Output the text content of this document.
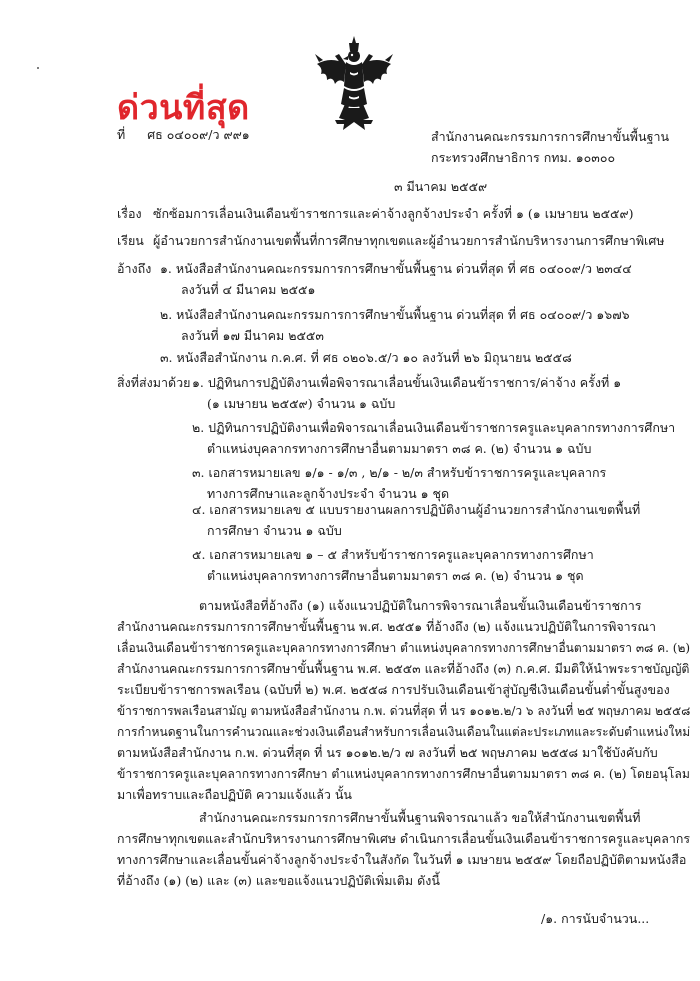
ด่วนที่สุด
ที่ ศธ ๐๔๐๐๙/ว ๙๙๑	สำนักงานคณะกรรมการการศึกษาขั้นพื้นฐาน
กระทรวงศึกษาธิการ กทม. ๑๐๓๐๐
๓ มีนาคม ๒๕๕๙
เรื่อง ซักซ้อมการเลื่อนเงินเดือนข้าราชการและค่าจ้างลูกจ้างประจำ ครั้งที่ ๑ (๑ เมษายน ๒๕๕๙)
เรียน ผู้อำนวยการสำนักงานเขตพื้นที่การศึกษาทุกเขตและผู้อำนวยการสำนักบริหารงานการศึกษาพิเศษ
อ้างถึง ๑. หนังสือสำนักงานคณะกรรมการการศึกษาขั้นพื้นฐาน ด่วนที่สุด ที่ ศธ ๐๔๐๐๙/ว ๒๓๔๔
ลงวันที่ ๔ มีนาคม ๒๕๕๑
๒. หนังสือสำนักงานคณะกรรมการการศึกษาขั้นพื้นฐาน ด่วนที่สุด ที่ ศธ ๐๔๐๐๙/ว ๑๖๗๖
ลงวันที่ ๑๗ มีนาคม ๒๕๕๓
๓. หนังสือสำนักงาน ก.ค.ศ. ที่ ศธ ๐๒๐๖.๕/ว ๑๐ ลงวันที่ ๒๖ มิถุนายน ๒๕๕๘
สิ่งที่ส่งมาด้วย ๑. ปฏิทินการปฏิบัติงานเพื่อพิจารณาเลื่อนขั้นเงินเดือนข้าราชการ/ค่าจ้าง ครั้งที่ ๑
(๑ เมษายน ๒๕๕๙) จำนวน ๑ ฉบับ
๒. ปฏิทินการปฏิบัติงานเพื่อพิจารณาเลื่อนเงินเดือนข้าราชการครูและบุคลากรทางการศึกษา
ตำแหน่งบุคลากรทางการศึกษาอื่นตามมาตรา ๓๘ ค. (๒) จำนวน ๑ ฉบับ
๓. เอกสารหมายเลข ๑/๑ - ๑/๓ , ๒/๑ - ๒/๓ สำหรับข้าราชการครูและบุคลากร
ทางการศึกษาและลูกจ้างประจำ จำนวน ๑ ชุด
๔. เอกสารหมายเลข ๕ แบบรายงานผลการปฏิบัติงานผู้อำนวยการสำนักงานเขตพื้นที่
การศึกษา จำนวน ๑ ฉบับ
๕. เอกสารหมายเลข ๑ – ๕ สำหรับข้าราชการครูและบุคลากรทางการศึกษา
ตำแหน่งบุคลากรทางการศึกษาอื่นตามมาตรา ๓๘ ค. (๒) จำนวน ๑ ชุด
ตามหนังสือที่อ้างถึง (๑) แจ้งแนวปฏิบัติในการพิจารณาเลื่อนขั้นเงินเดือนข้าราชการ
สำนักงานคณะกรรมการการศึกษาขั้นพื้นฐาน พ.ศ. ๒๕๕๑ ที่อ้างถึง (๒) แจ้งแนวปฏิบัติในการพิจารณา
เลื่อนเงินเดือนข้าราชการครูและบุคลากรทางการศึกษา ตำแหน่งบุคลากรทางการศึกษาอื่นตามมาตรา ๓๘ ค. (๒)
สำนักงานคณะกรรมการการศึกษาขั้นพื้นฐาน พ.ศ. ๒๕๕๓ และที่อ้างถึง (๓) ก.ค.ศ. มีมติให้นำพระราชบัญญัติ
ระเบียบข้าราชการพลเรือน (ฉบับที่ ๒) พ.ศ. ๒๕๕๘ การปรับเงินเดือนเข้าสู่บัญชีเงินเดือนขั้นต่ำขั้นสูงของ
ข้าราชการพลเรือนสามัญ ตามหนังสือสำนักงาน ก.พ. ด่วนที่สุด ที่ นร ๑๐๑๒.๒/ว ๖ ลงวันที่ ๒๕ พฤษภาคม ๒๕๕๘
การกำหนดฐานในการคำนวณและช่วงเงินเดือนสำหรับการเลื่อนเงินเดือนในแต่ละประเภทและระดับตำแหน่งใหม่
ตามหนังสือสำนักงาน ก.พ. ด่วนที่สุด ที่ นร ๑๐๑๒.๒/ว ๗ ลงวันที่ ๒๕ พฤษภาคม ๒๕๕๘ มาใช้บังคับกับ
ข้าราชการครูและบุคลากรทางการศึกษา ตำแหน่งบุคลากรทางการศึกษาอื่นตามมาตรา ๓๘ ค. (๒) โดยอนุโลม
มาเพื่อทราบและถือปฏิบัติ ความแจ้งแล้ว นั้น
สำนักงานคณะกรรมการการศึกษาขั้นพื้นฐานพิจารณาแล้ว ขอให้สำนักงานเขตพื้นที่
การศึกษาทุกเขตและสำนักบริหารงานการศึกษาพิเศษ ดำเนินการเลื่อนขั้นเงินเดือนข้าราชการครูและบุคลากร
ทางการศึกษาและเลื่อนขั้นค่าจ้างลูกจ้างประจำในสังกัด ในวันที่ ๑ เมษายน ๒๕๕๙ โดยถือปฏิบัติตามหนังสือ
ที่อ้างถึง (๑) (๒) และ (๓) และขอแจ้งแนวปฏิบัติเพิ่มเติม ดังนี้
/๑. การนับจำนวน...
